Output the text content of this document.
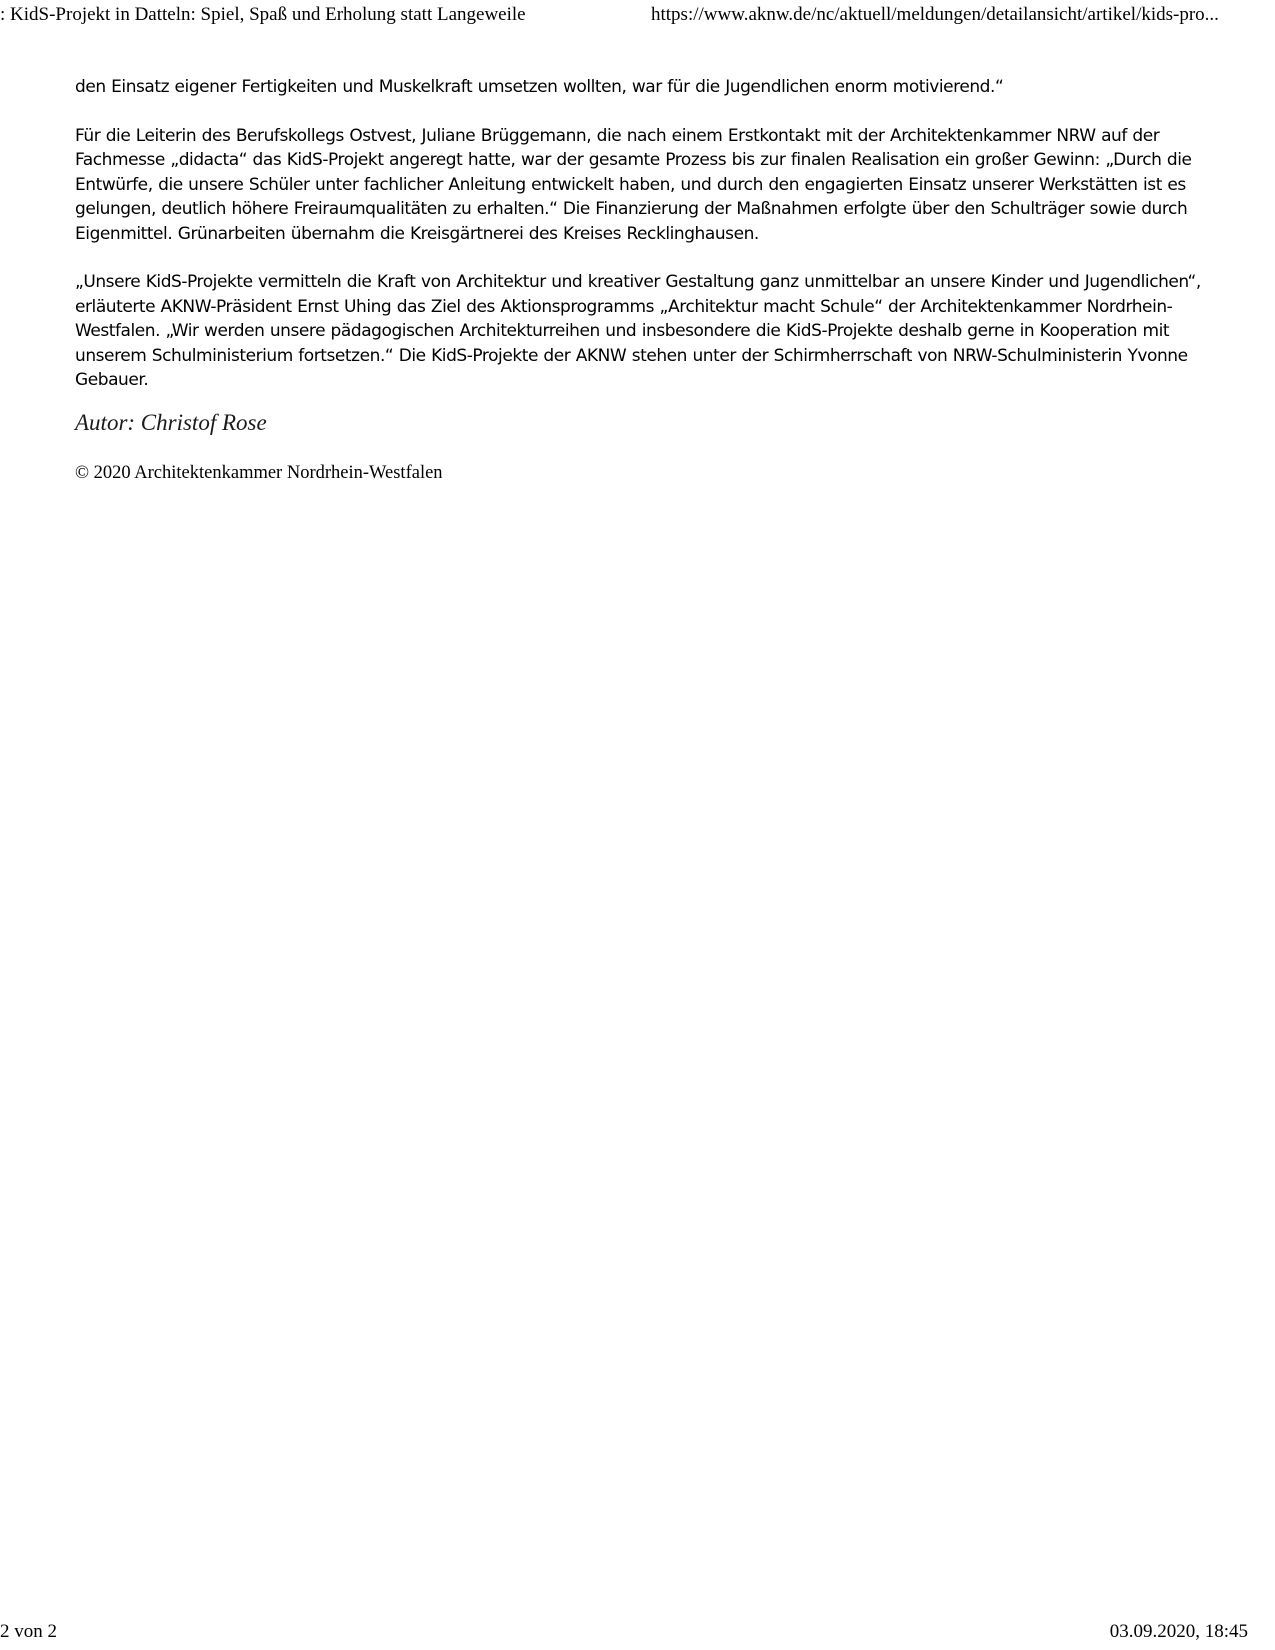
: KidS-Projekt in Datteln: Spiel, Spaß und Erholung statt Langeweile	https://www.aknw.de/nc/aktuell/meldungen/detailansicht/artikel/kids-pro...

den Einsatz eigener Fertigkeiten und Muskelkraft umsetzen wollten, war für die Jugendlichen enorm motivierend.“

Für die Leiterin des Berufskollegs Ostvest, Juliane Brüggemann, die nach einem Erstkontakt mit der Architektenkammer NRW auf der Fachmesse „didacta“ das KidS-Projekt angeregt hatte, war der gesamte Prozess bis zur finalen Realisation ein großer Gewinn: „Durch die Entwürfe, die unsere Schüler unter fachlicher Anleitung entwickelt haben, und durch den engagierten Einsatz unserer Werkstätten ist es gelungen, deutlich höhere Freiraumqualitäten zu erhalten.“ Die Finanzierung der Maßnahmen erfolgte über den Schulträger sowie durch Eigenmittel. Grünarbeiten übernahm die Kreisgärtnerei des Kreises Recklinghausen.

„Unsere KidS-Projekte vermitteln die Kraft von Architektur und kreativer Gestaltung ganz unmittelbar an unsere Kinder und Jugendlichen“, erläuterte AKNW-Präsident Ernst Uhing das Ziel des Aktionsprogramms „Architektur macht Schule“ der Architektenkammer Nordrhein-Westfalen. „Wir werden unsere pädagogischen Architekturreihen und insbesondere die KidS-Projekte deshalb gerne in Kooperation mit unserem Schulministerium fortsetzen.“ Die KidS-Projekte der AKNW stehen unter der Schirmherrschaft von NRW-Schulministerin Yvonne Gebauer.

Autor: Christof Rose
© 2020 Architektenkammer Nordrhein-Westfalen
2 von 2	03.09.2020, 18:45
